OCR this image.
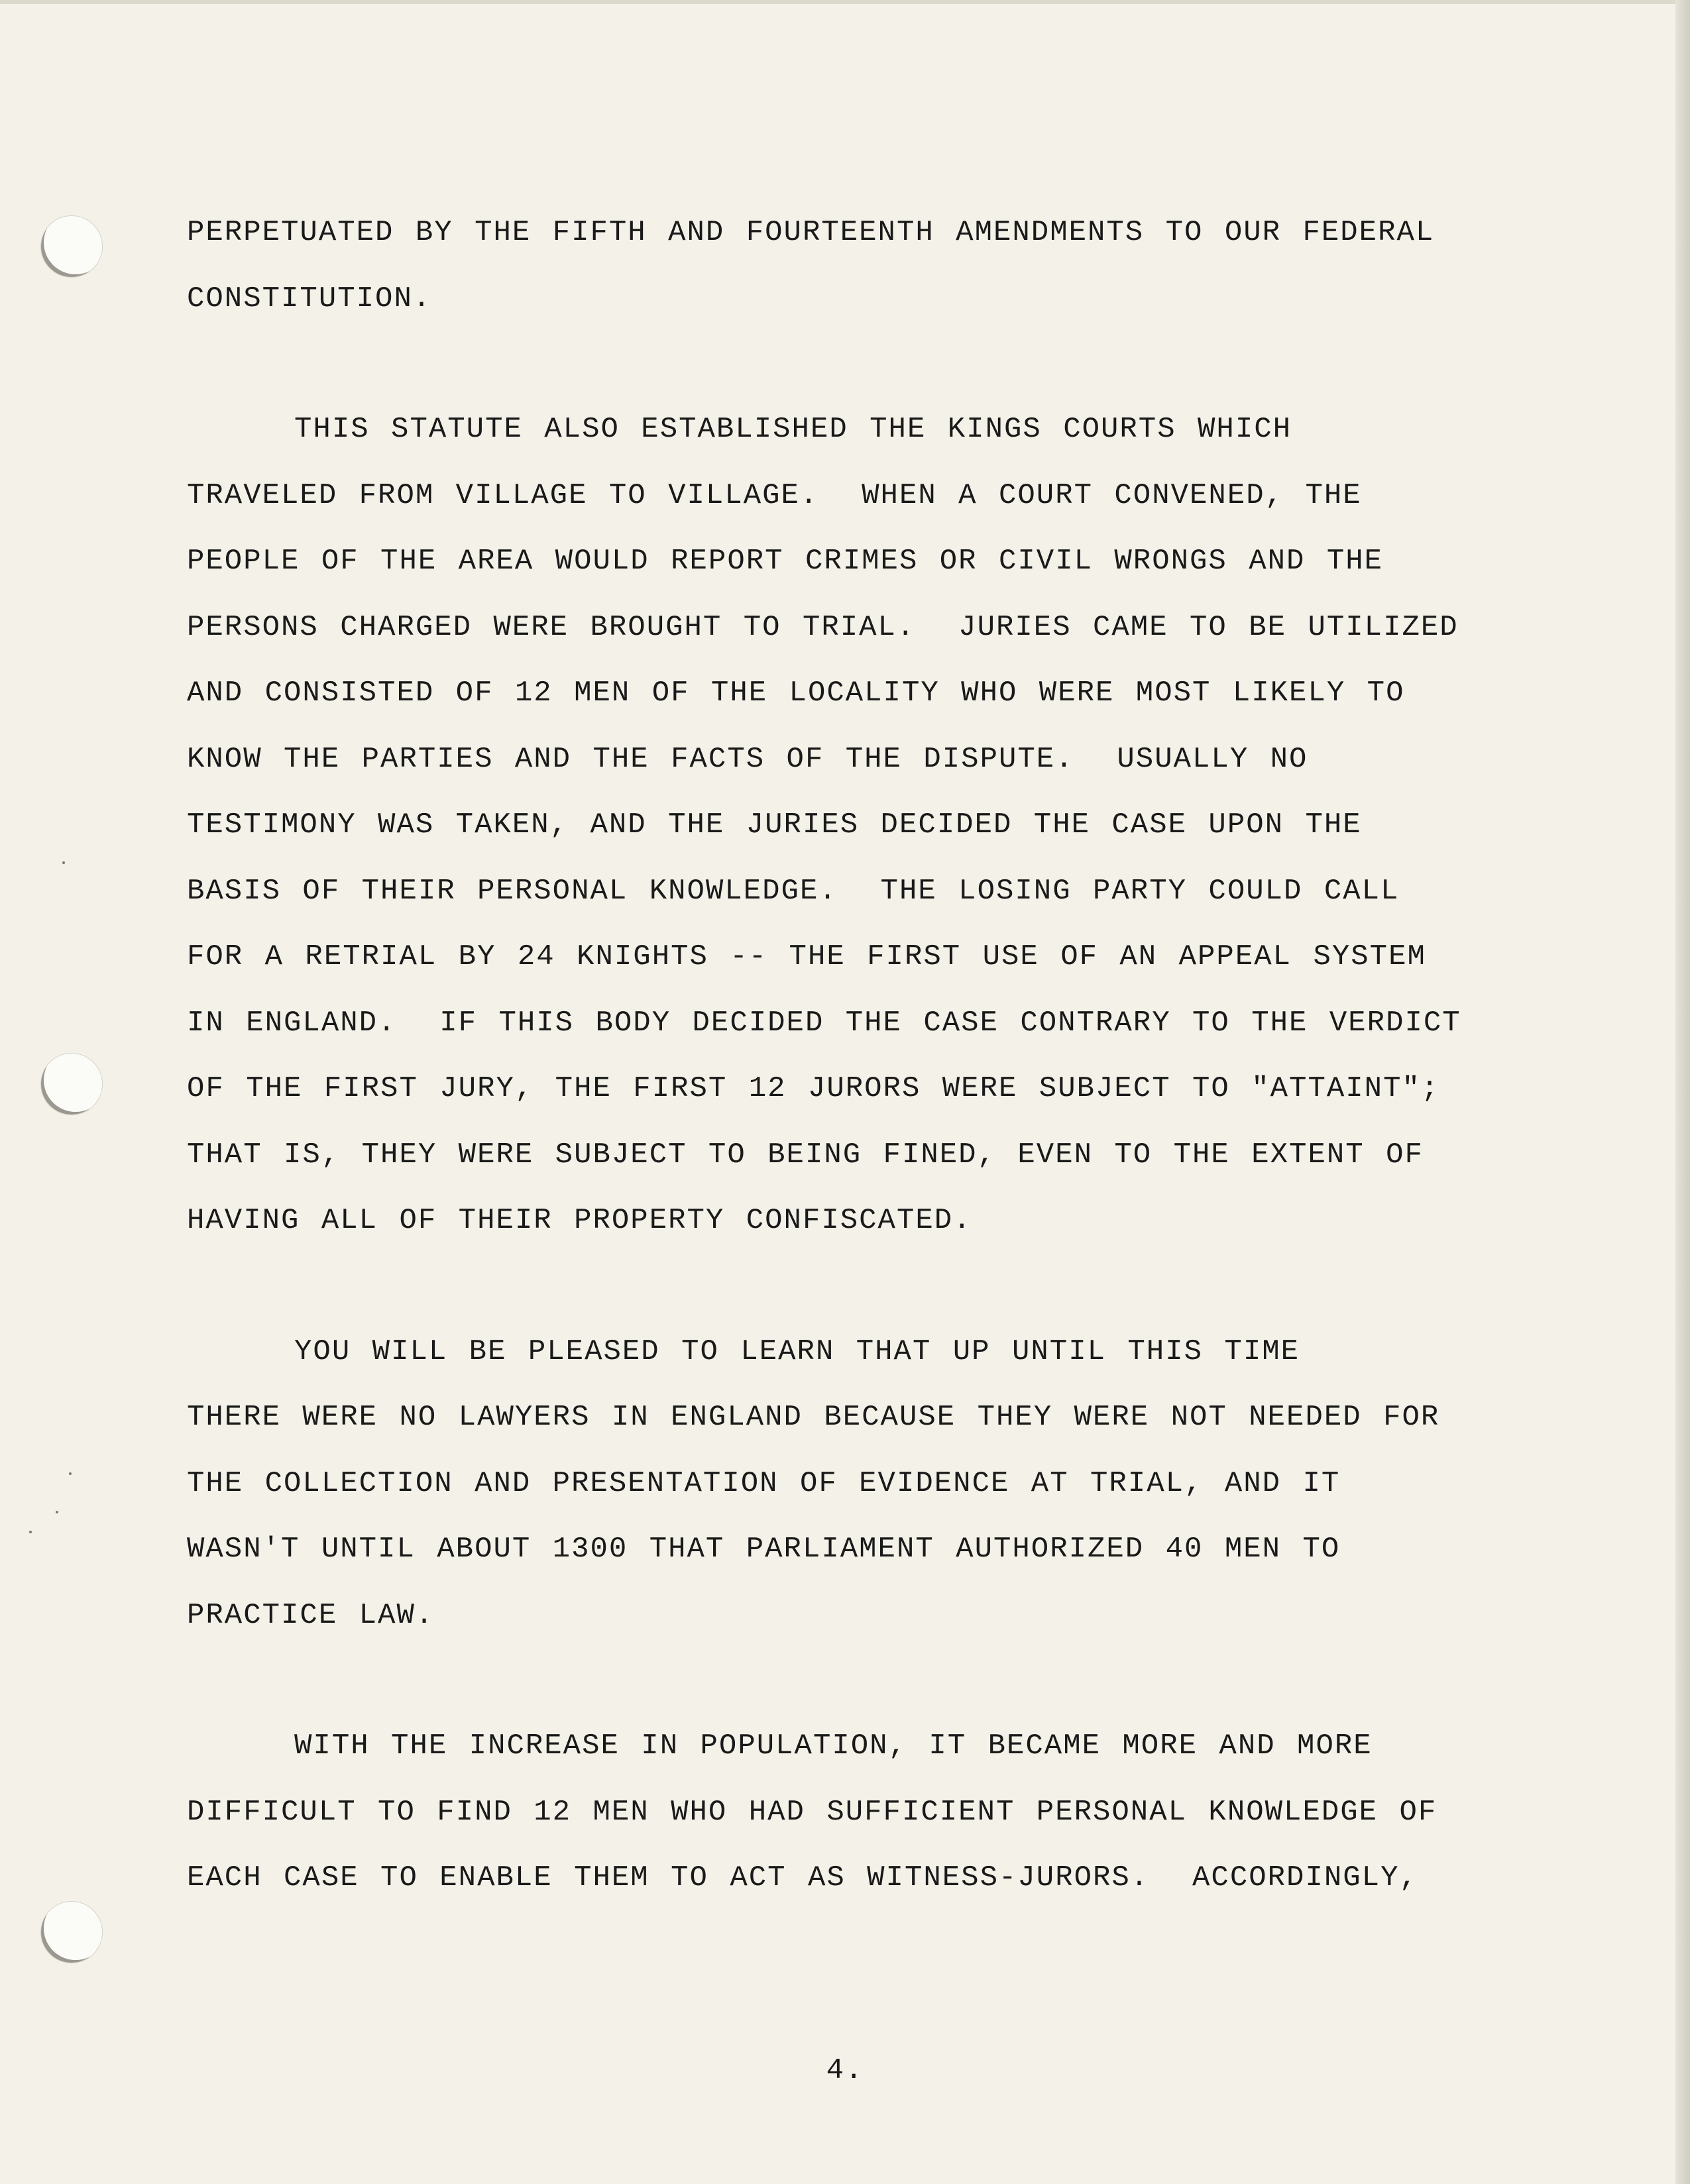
PERPETUATED BY THE FIFTH AND FOURTEENTH AMENDMENTS TO OUR FEDERAL
CONSTITUTION.

THIS STATUTE ALSO ESTABLISHED THE KINGS COURTS WHICH
TRAVELED FROM VILLAGE TO VILLAGE.  WHEN A COURT CONVENED, THE
PEOPLE OF THE AREA WOULD REPORT CRIMES OR CIVIL WRONGS AND THE
PERSONS CHARGED WERE BROUGHT TO TRIAL.  JURIES CAME TO BE UTILIZED
AND CONSISTED OF 12 MEN OF THE LOCALITY WHO WERE MOST LIKELY TO
KNOW THE PARTIES AND THE FACTS OF THE DISPUTE.  USUALLY NO
TESTIMONY WAS TAKEN, AND THE JURIES DECIDED THE CASE UPON THE
BASIS OF THEIR PERSONAL KNOWLEDGE.  THE LOSING PARTY COULD CALL
FOR A RETRIAL BY 24 KNIGHTS -- THE FIRST USE OF AN APPEAL SYSTEM
IN ENGLAND.  IF THIS BODY DECIDED THE CASE CONTRARY TO THE VERDICT
OF THE FIRST JURY, THE FIRST 12 JURORS WERE SUBJECT TO "ATTAINT";
THAT IS, THEY WERE SUBJECT TO BEING FINED, EVEN TO THE EXTENT OF
HAVING ALL OF THEIR PROPERTY CONFISCATED.

YOU WILL BE PLEASED TO LEARN THAT UP UNTIL THIS TIME
THERE WERE NO LAWYERS IN ENGLAND BECAUSE THEY WERE NOT NEEDED FOR
THE COLLECTION AND PRESENTATION OF EVIDENCE AT TRIAL, AND IT
WASN'T UNTIL ABOUT 1300 THAT PARLIAMENT AUTHORIZED 40 MEN TO
PRACTICE LAW.

WITH THE INCREASE IN POPULATION, IT BECAME MORE AND MORE
DIFFICULT TO FIND 12 MEN WHO HAD SUFFICIENT PERSONAL KNOWLEDGE OF
EACH CASE TO ENABLE THEM TO ACT AS WITNESS-JURORS.  ACCORDINGLY,

4.
